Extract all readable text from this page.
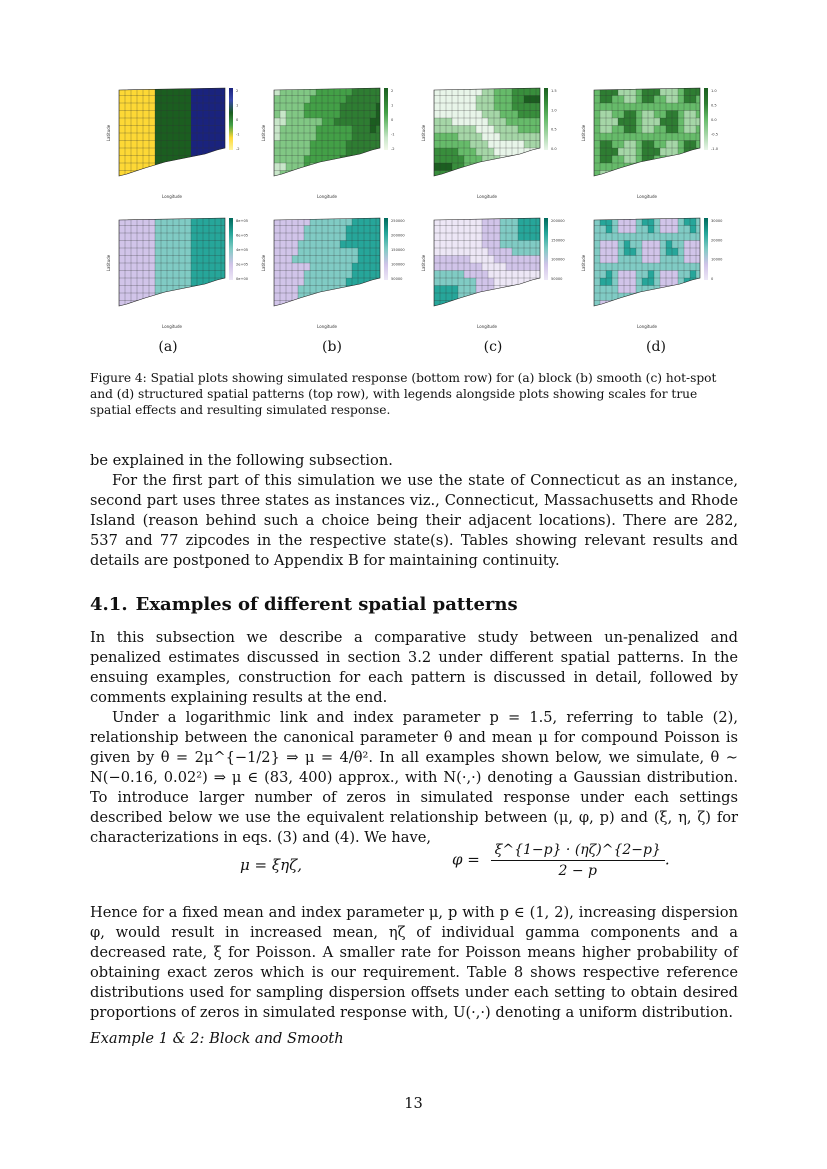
2
1
0
-1
-2
Longitude
Latitude
2
1
0
-1
-2
Longitude
Latitude
1.5
1.0
0.5
0.0
Longitude
Latitude
1.0
0.5
0.0
-0.5
-1.0
Longitude
Latitude
8e+05
6e+05
4e+05
2e+05
0e+00
Longitude
Latitude
250000
200000
150000
100000
50000
Longitude
Latitude
200000
150000
100000
50000
Longitude
Latitude
30000
20000
10000
0
Longitude
Latitude
(a)	(b)	(c)	(d)
Figure 4: Spatial plots showing simulated response (bottom row) for (a) block (b) smooth (c) hot-spot and (d) structured spatial patterns (top row), with legends alongside plots showing scales for true spatial effects and resulting simulated response.

be explained in the following subsection.

For the first part of this simulation we use the state of Connecticut as an instance, second part uses three states as instances viz., Connecticut, Massachusetts and Rhode Island (reason behind such a choice being their adjacent locations). There are 282, 537 and 77 zipcodes in the respective state(s). Tables showing relevant results and details are postponed to Appendix B for maintaining continuity.

4.1. Examples of different spatial patterns

In this subsection we describe a comparative study between un-penalized and penalized estimates discussed in section 3.2 under different spatial patterns. In the ensuing examples, construction for each pattern is discussed in detail, followed by comments explaining results at the end.

Under a logarithmic link and index parameter p = 1.5, referring to table (2), relationship between the canonical parameter θ and mean μ for compound Poisson is given by θ = 2μ^{−1/2} ⇒ μ = 4/θ². In all examples shown below, we simulate, θ ∼ N(−0.16, 0.02²) ⇒ μ ∈ (83, 400) approx., with N(·,·) denoting a Gaussian distribution. To introduce larger number of zeros in simulated response under each settings described below we use the equivalent relationship between (μ, φ, p) and (ξ, η, ζ) for characterizations in eqs. (3) and (4). We have,

μ = ξηζ,	$\varphi = \frac{\xi\^{}\{1-p\} \cdot (\eta\zeta)\^{}\{2-p\}}{2 - p}$ .

Hence for a fixed mean and index parameter μ, p with p ∈ (1, 2), increasing dispersion φ, would result in increased mean, ηζ of individual gamma components and a decreased rate, ξ for Poisson. A smaller rate for Poisson means higher probability of obtaining exact zeros which is our requirement. Table 8 shows respective reference distributions used for sampling dispersion offsets under each setting to obtain desired proportions of zeros in simulated response with, U(·,·) denoting a uniform distribution.

Example 1 & 2: Block and Smooth
13
